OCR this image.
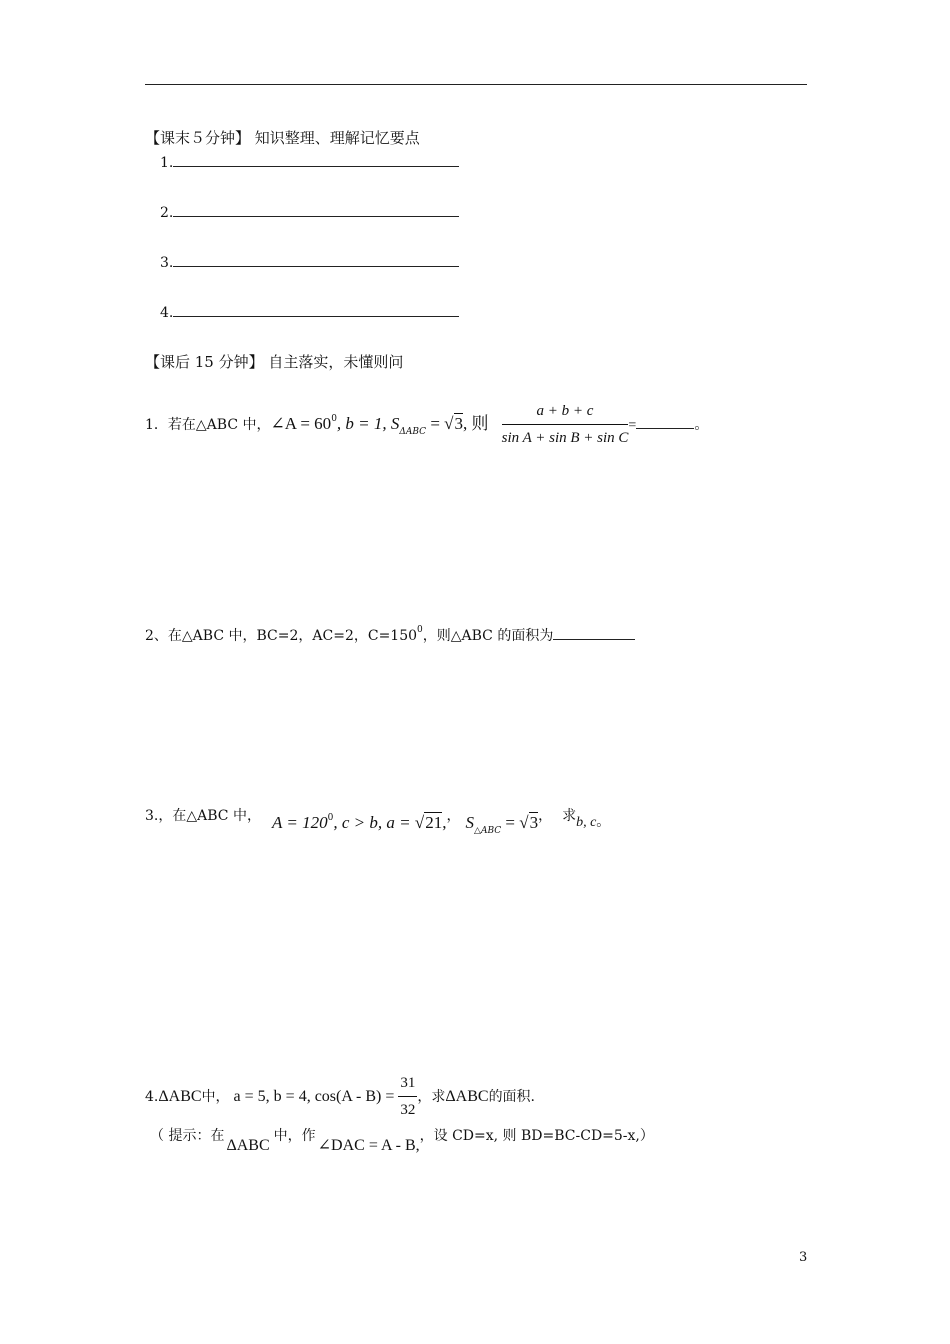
【课末５分钟】 知识整理、理解记忆要点
1.
2.
3.
4.
【课后 15 分钟】 自主落实，未懂则问
1．若在△ABC 中，∠A = $60^0$, b = 1, $S_{\Delta ABC} = √3$, 则 $\frac{a + b + c}{\text{sin A + sin B + sin C}}$ =	。
2、在△ABC 中，BC=2，AC=2，$C=150^0$，则△ABC 的面积为
3.，在△ABC 中， $A = 120^0$, c > b, a = √21,， $S_{\triangle ABC} = √3$， 求b, c。
4.ΔABC中， a = 5, b = 4, $\cos(A - B) = \frac{31}{32}$ ，求ΔABC的面积.
（ 提示：在ΔABC中，作∠DAC = A - B,，设 CD=x, 则 BD=BC-CD=5-x,）
3
